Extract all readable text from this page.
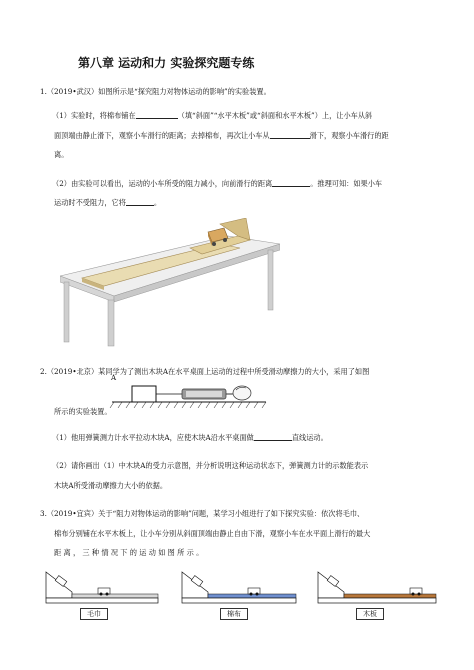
第八章 运动和力 实验探究题专练
1.（2019•武汉）如图所示是“探究阻力对物体运动的影响”的实验装置。
（1）实验时，将棉布铺在	（填“斜面”“水平木板”或“斜面和水平木板”）上，让小车从斜
面顶端由静止滑下，观察小车滑行的距离；去掉棉布，再次让小车从	滑下，观察小车滑行的距
离。
（2）由实验可以看出，运动的小车所受的阻力减小，向前滑行的距离	。推理可知：如果小车
运动时不受阻力，它将	。
2.（2019•北京）某同学为了测出木块A在水平桌面上运动的过程中所受滑动摩擦力的大小，采用了如图
所示的实验装置。
A
（1）他用弹簧测力计水平拉动木块A，应使木块A沿水平桌面做	直线运动。
（2）请你画出（1）中木块A的受力示意图，并分析说明这种运动状态下，弹簧测力计的示数能表示
木块A所受滑动摩擦力大小的依据。
3.（2019•宜宾）关于“阻力对物体运动的影响”问题，某学习小组进行了如下探究实验：依次将毛巾、
棉布分别铺在水平木板上，让小车分别从斜面顶端由静止自由下滑，观察小车在水平面上滑行的最大
距 离 ， 三 种 情 况 下 的 运 动 如 图 所 示 。
毛巾	棉布	木板
